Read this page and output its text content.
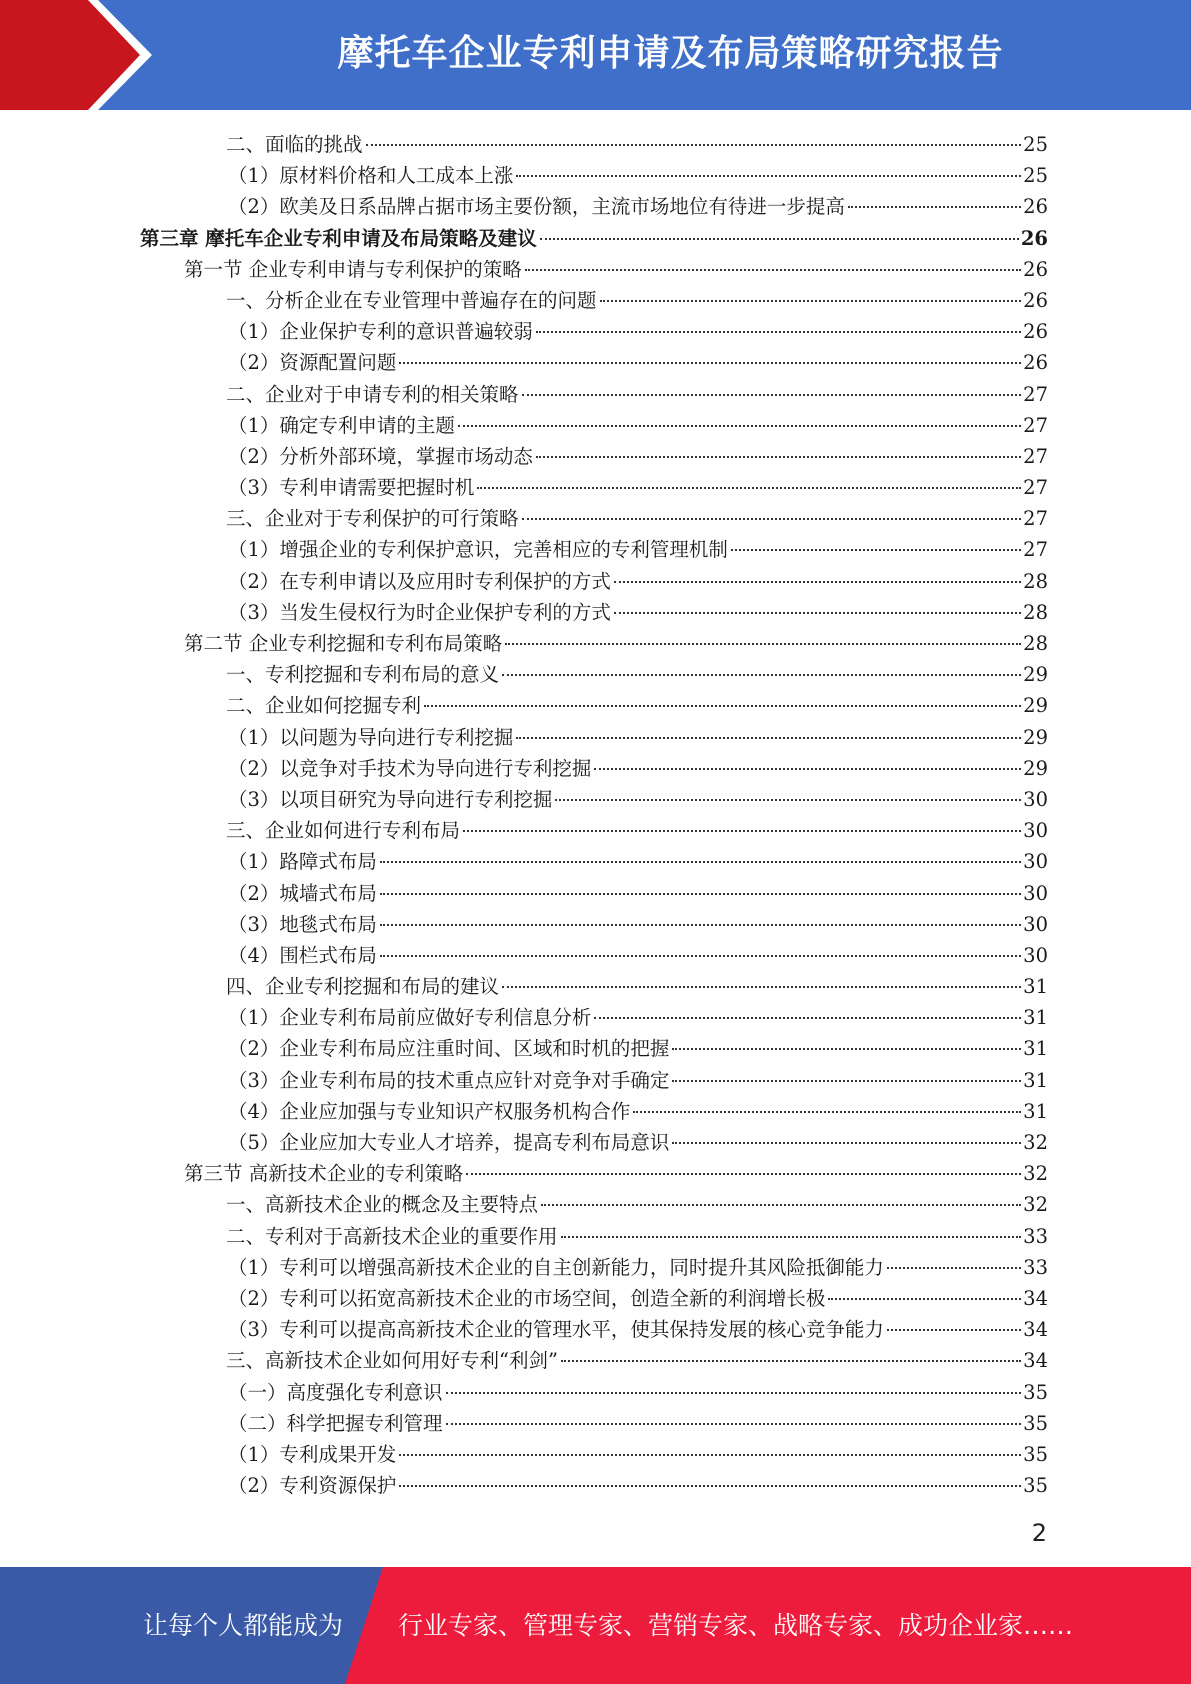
摩托车企业专利申请及布局策略研究报告
二、面临的挑战	25
（1）原材料价格和人工成本上涨	25
（2）欧美及日系品牌占据市场主要份额，主流市场地位有待进一步提高	26
第三章 摩托车企业专利申请及布局策略及建议	26
第一节 企业专利申请与专利保护的策略	26
一、分析企业在专业管理中普遍存在的问题	26
（1）企业保护专利的意识普遍较弱	26
（2）资源配置问题	26
二、企业对于申请专利的相关策略	27
（1）确定专利申请的主题	27
（2）分析外部环境，掌握市场动态	27
（3）专利申请需要把握时机	27
三、企业对于专利保护的可行策略	27
（1）增强企业的专利保护意识，完善相应的专利管理机制	27
（2）在专利申请以及应用时专利保护的方式	28
（3）当发生侵权行为时企业保护专利的方式	28
第二节 企业专利挖掘和专利布局策略	28
一、专利挖掘和专利布局的意义	29
二、企业如何挖掘专利	29
（1）以问题为导向进行专利挖掘	29
（2）以竞争对手技术为导向进行专利挖掘	29
（3）以项目研究为导向进行专利挖掘	30
三、企业如何进行专利布局	30
（1）路障式布局	30
（2）城墙式布局	30
（3）地毯式布局	30
（4）围栏式布局	30
四、企业专利挖掘和布局的建议	31
（1）企业专利布局前应做好专利信息分析	31
（2）企业专利布局应注重时间、区域和时机的把握	31
（3）企业专利布局的技术重点应针对竞争对手确定	31
（4）企业应加强与专业知识产权服务机构合作	31
（5）企业应加大专业人才培养，提高专利布局意识	32
第三节 高新技术企业的专利策略	32
一、高新技术企业的概念及主要特点	32
二、专利对于高新技术企业的重要作用	33
（1）专利可以增强高新技术企业的自主创新能力，同时提升其风险抵御能力	33
（2）专利可以拓宽高新技术企业的市场空间，创造全新的利润增长极	34
（3）专利可以提高高新技术企业的管理水平，使其保持发展的核心竞争能力	34
三、高新技术企业如何用好专利“利剑”	34
（一）高度强化专利意识	35
（二）科学把握专利管理	35
（1）专利成果开发	35
（2）专利资源保护	35
2
让每个人都能成为 行业专家、管理专家、营销专家、战略专家、成功企业家……
